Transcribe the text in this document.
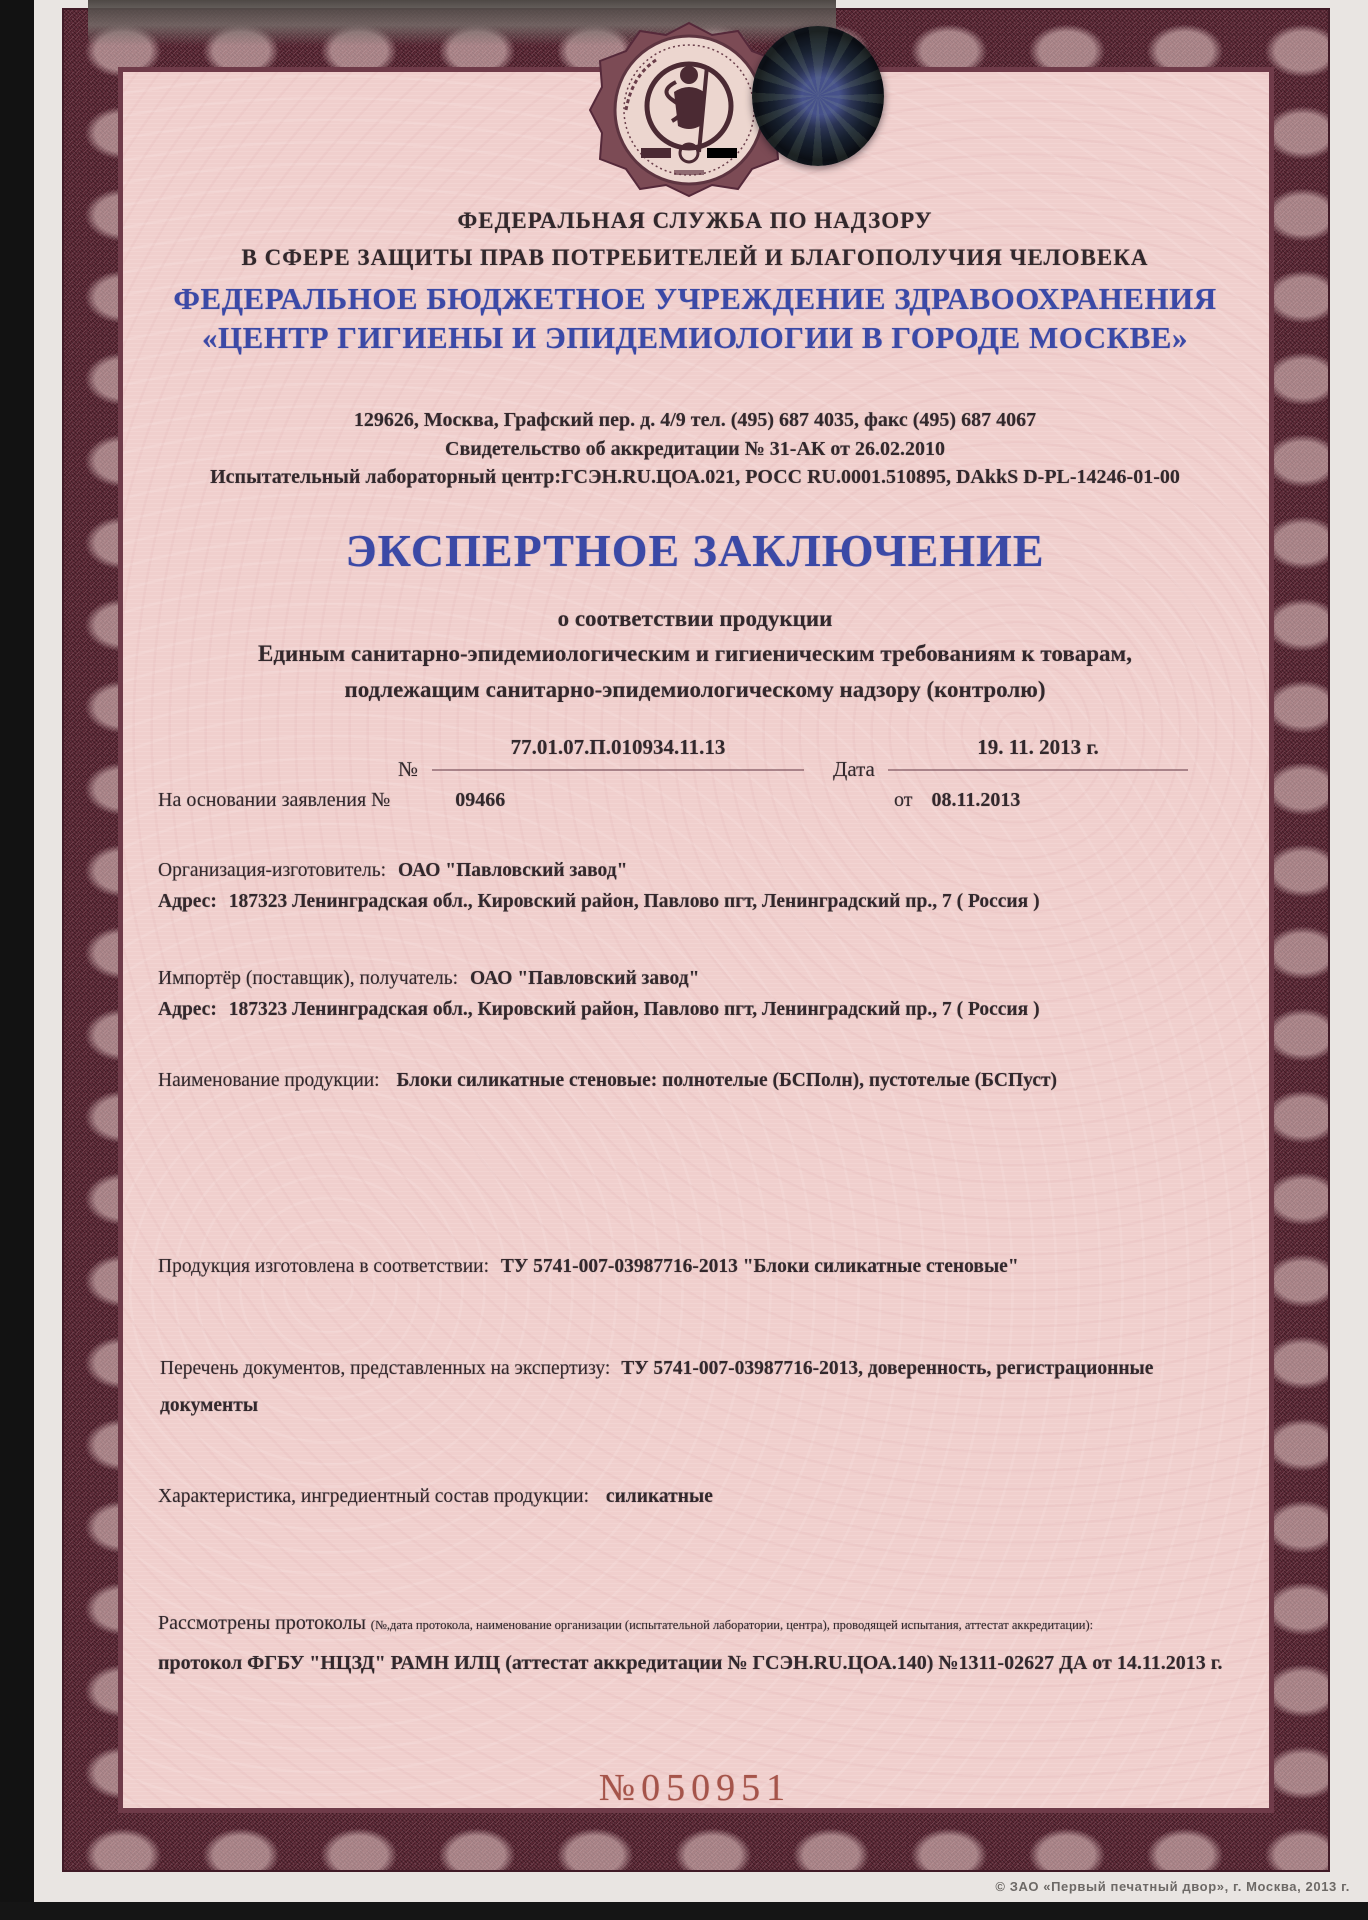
ФЕДЕРАЛЬНАЯ СЛУЖБА ПО НАДЗОРУ
В СФЕРЕ ЗАЩИТЫ ПРАВ ПОТРЕБИТЕЛЕЙ И БЛАГОПОЛУЧИЯ ЧЕЛОВЕКА
ФЕДЕРАЛЬНОЕ БЮДЖЕТНОЕ УЧРЕЖДЕНИЕ ЗДРАВООХРАНЕНИЯ
«ЦЕНТР ГИГИЕНЫ И ЭПИДЕМИОЛОГИИ В ГОРОДЕ МОСКВЕ»
129626, Москва, Графский пер. д. 4/9 тел. (495) 687 4035, факс (495) 687 4067
Свидетельство об аккредитации № 31-АК от 26.02.2010
Испытательный лабораторный центр:ГСЭН.RU.ЦОА.021, РОСС RU.0001.510895, DAkkS D-PL-14246-01-00
ЭКСПЕРТНОЕ ЗАКЛЮЧЕНИЕ
о соответствии продукции
Единым санитарно-эпидемиологическим и гигиеническим требованиям к товарам,
подлежащим санитарно-эпидемиологическому надзору (контролю)
№
77.01.07.П.010934.11.13
Дата
19. 11. 2013 г.
На основании заявления №	09466	от 08.11.2013
Организация-изготовитель: ОАО "Павловский завод"
Адрес: 187323 Ленинградская обл., Кировский район, Павлово пгт, Ленинградский пр., 7 ( Россия )
Импортёр (поставщик), получатель: ОАО "Павловский завод"
Адрес: 187323 Ленинградская обл., Кировский район, Павлово пгт, Ленинградский пр., 7 ( Россия )
Наименование продукции: Блоки силикатные стеновые: полнотелые (БСПолн), пустотелые (БСПуст)
Продукция изготовлена в соответствии: ТУ 5741-007-03987716-2013 "Блоки силикатные стеновые"
Перечень документов, представленных на экспертизу: ТУ 5741-007-03987716-2013, доверенность, регистрационные документы
Характеристика, ингредиентный состав продукции: силикатные
Рассмотрены протоколы (№,дата протокола, наименование организации (испытательной лаборатории, центра), проводящей испытания, аттестат аккредитации):
протокол ФГБУ "НЦЗД" РАМН ИЛЦ (аттестат аккредитации № ГСЭН.RU.ЦОА.140) №1311-02627 ДА от 14.11.2013 г.
№050951
© ЗАО «Первый печатный двор», г. Москва, 2013 г.
